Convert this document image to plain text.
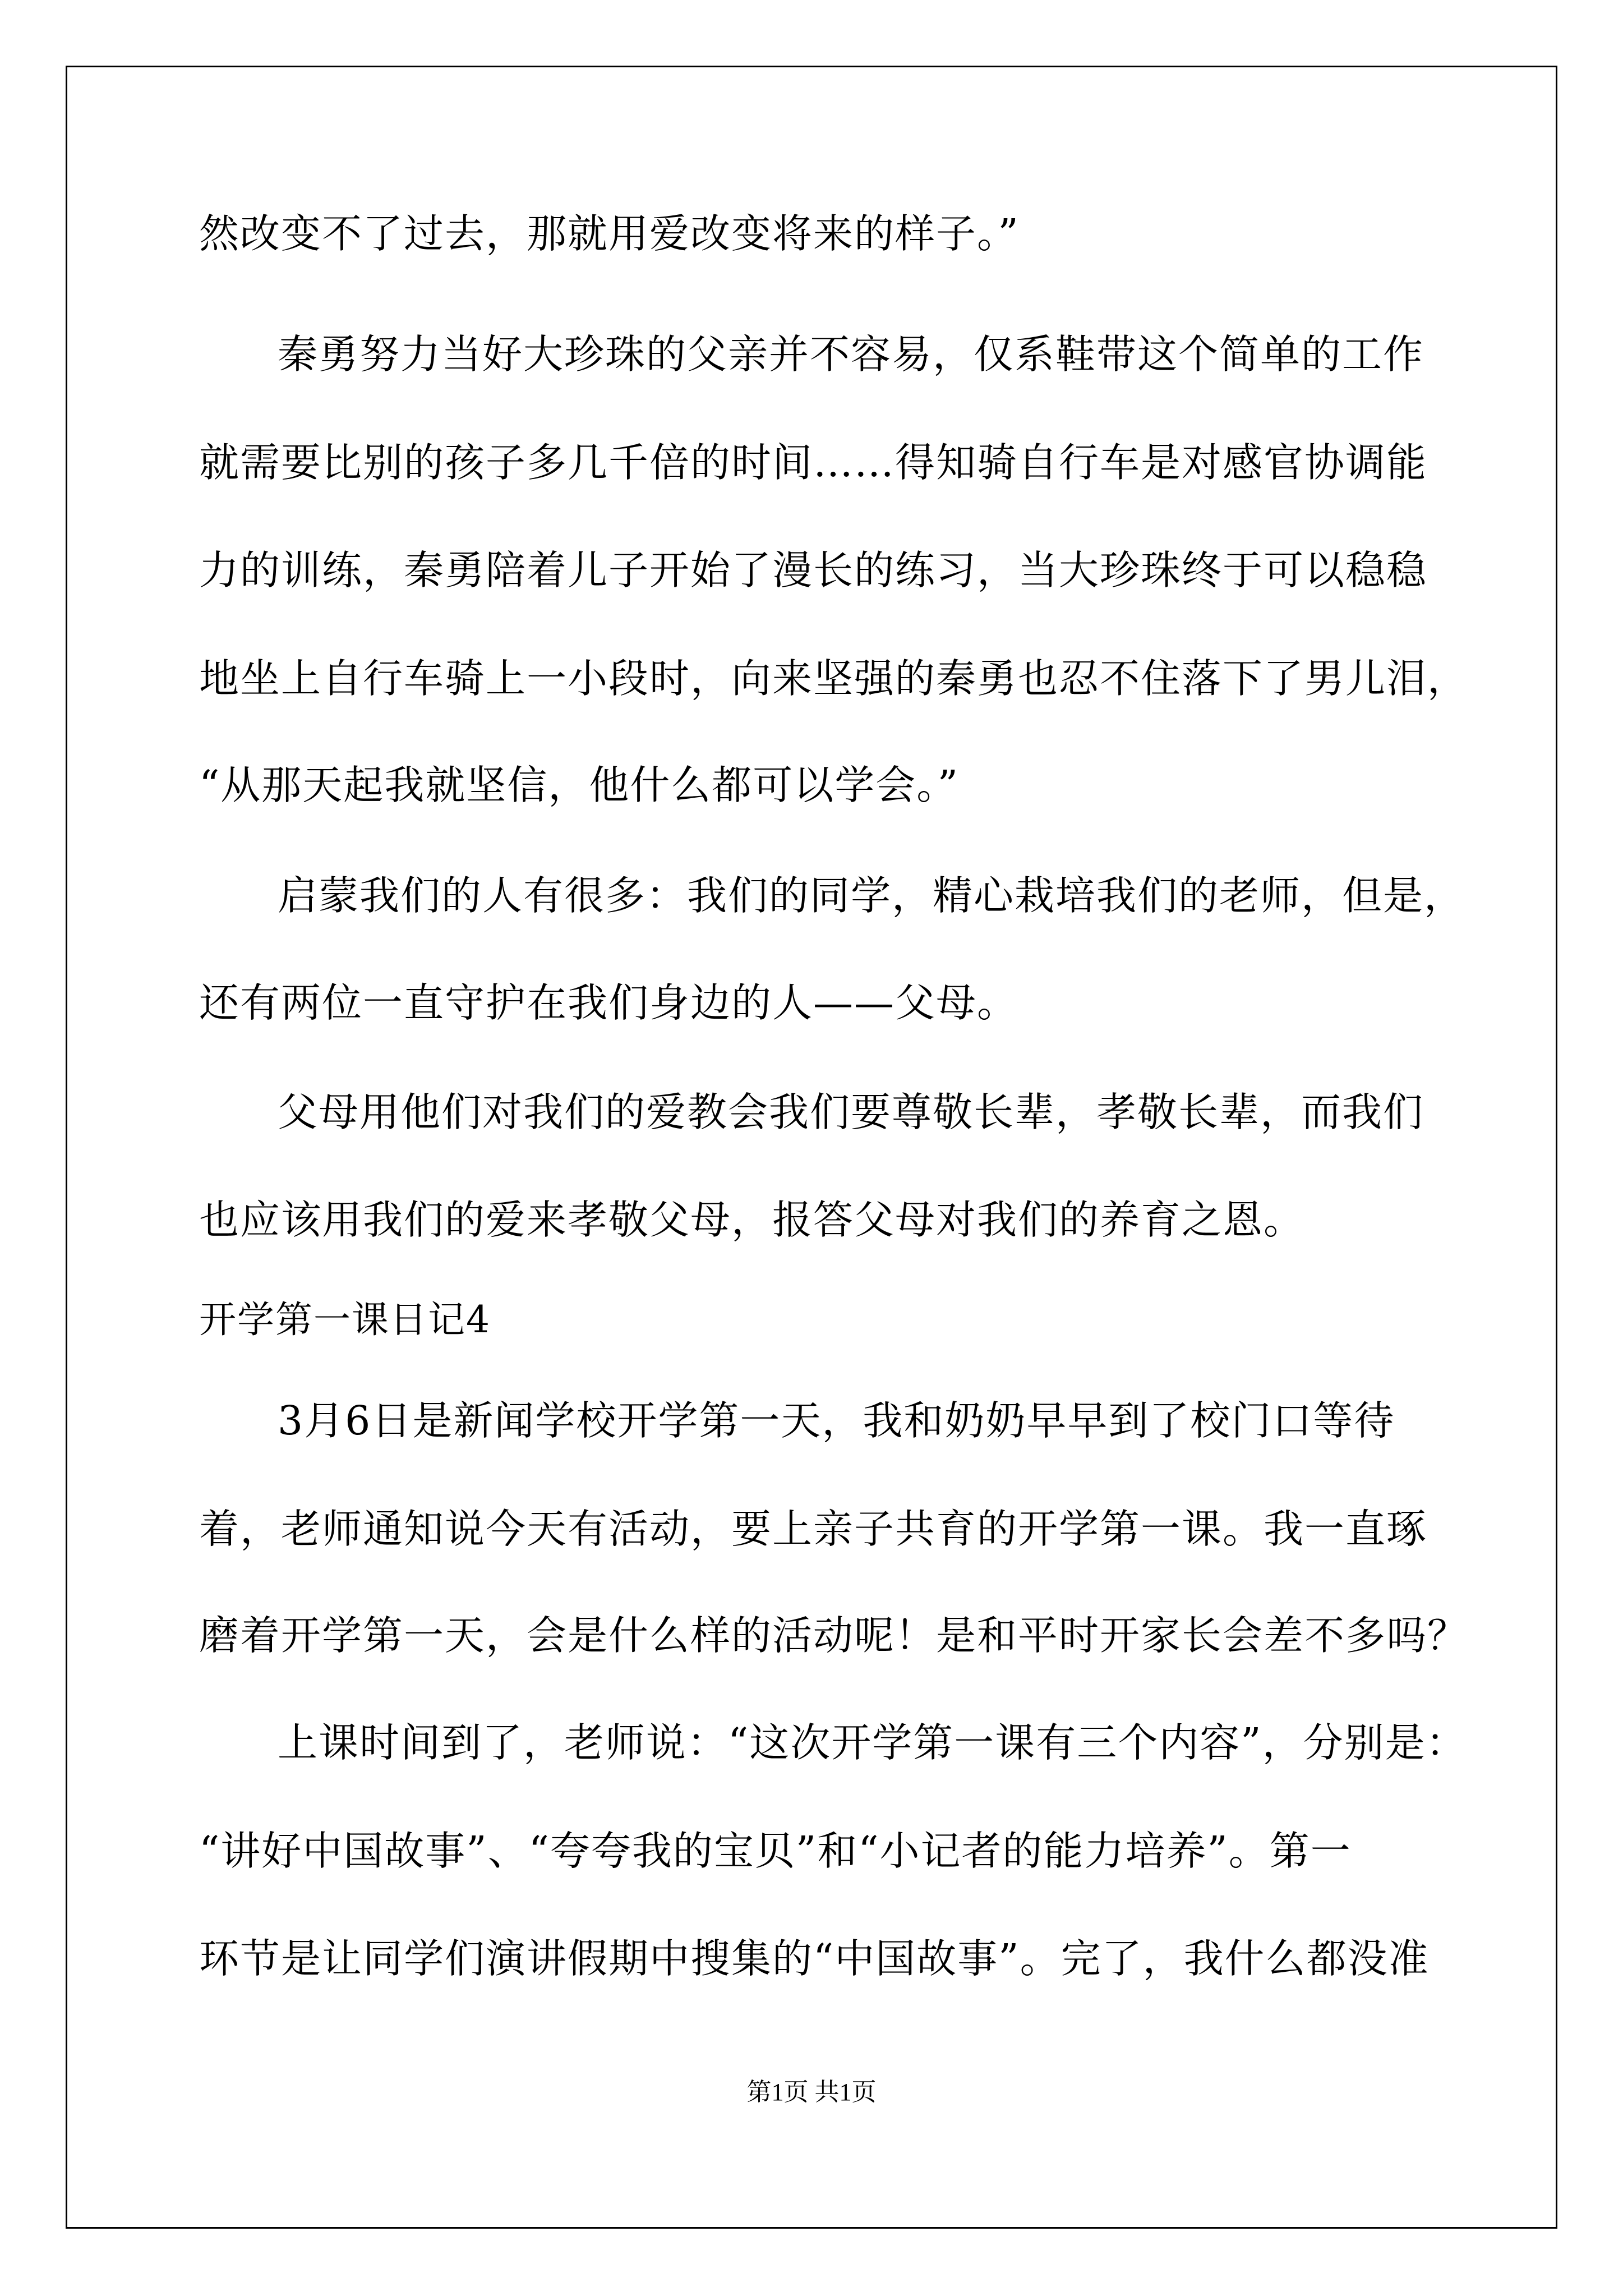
然改变不了过去，那就用爱改变将来的样子。”
秦勇努力当好大珍珠的父亲并不容易，仅系鞋带这个简单的工作
就需要比别的孩子多几千倍的时间……得知骑自行车是对感官协调能
力的训练，秦勇陪着儿子开始了漫长的练习，当大珍珠终于可以稳稳
地坐上自行车骑上一小段时，向来坚强的秦勇也忍不住落下了男儿泪，
“从那天起我就坚信，他什么都可以学会。”
启蒙我们的人有很多：我们的同学，精心栽培我们的老师，但是，
还有两位一直守护在我们身边的人——父母。
父母用他们对我们的爱教会我们要尊敬长辈，孝敬长辈，而我们
也应该用我们的爱来孝敬父母，报答父母对我们的养育之恩。
开学第一课日记4
3月6日是新闻学校开学第一天，我和奶奶早早到了校门口等待
着，老师通知说今天有活动，要上亲子共育的开学第一课。我一直琢
磨着开学第一天，会是什么样的活动呢！是和平时开家长会差不多吗？
上课时间到了，老师说：“这次开学第一课有三个内容”，分别是：
“讲好中国故事”、“夸夸我的宝贝”和“小记者的能力培养”。第一
环节是让同学们演讲假期中搜集的“中国故事”。完了，我什么都没准
第1页 共1页
